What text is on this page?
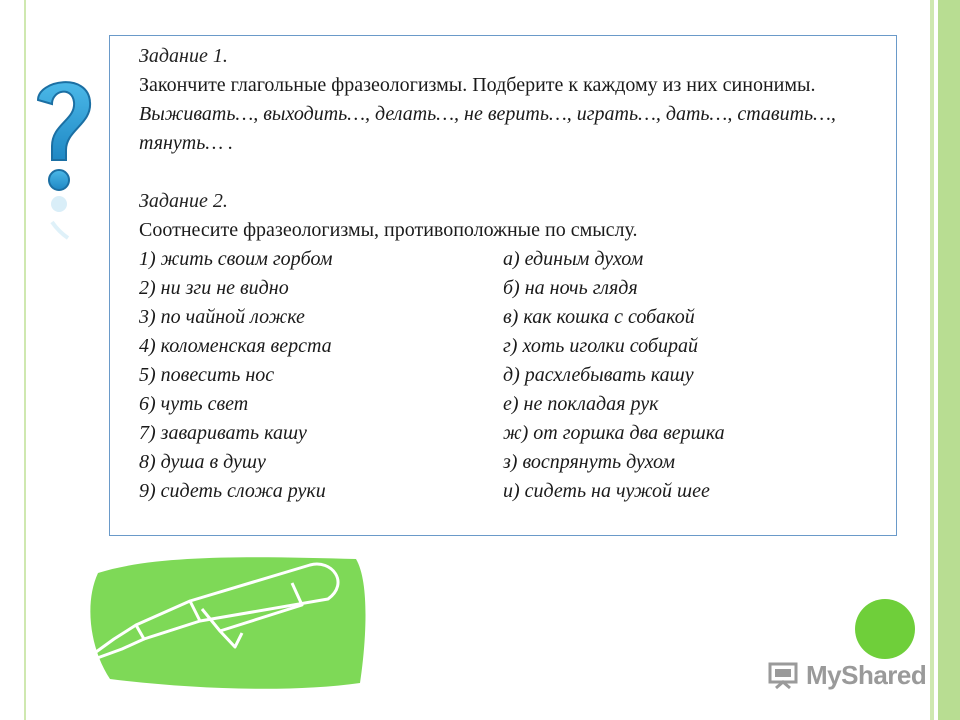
Задание 1.
Закончите глагольные фразеологизмы. Подберите к каждому из них синонимы.
Выживать…, выходить…, делать…, не верить…, играть…, дать…, ставить…, тянуть… .
Задание 2.
Соотнесите фразеологизмы, противоположные по смыслу.
1) жить своим горбом	а) единым духом
2) ни зги не видно	б) на ночь глядя
3) по чайной ложке	в) как кошка с собакой
4) коломенская верста	г) хоть иголки собирай
5) повесить нос	д) расхлебывать кашу
6) чуть свет	е) не покладая рук
7) заваривать кашу	ж) от горшка два вершка
8) душа в душу	з) воспрянуть духом
9) сидеть сложа руки	и) сидеть на чужой шее
MyShared
